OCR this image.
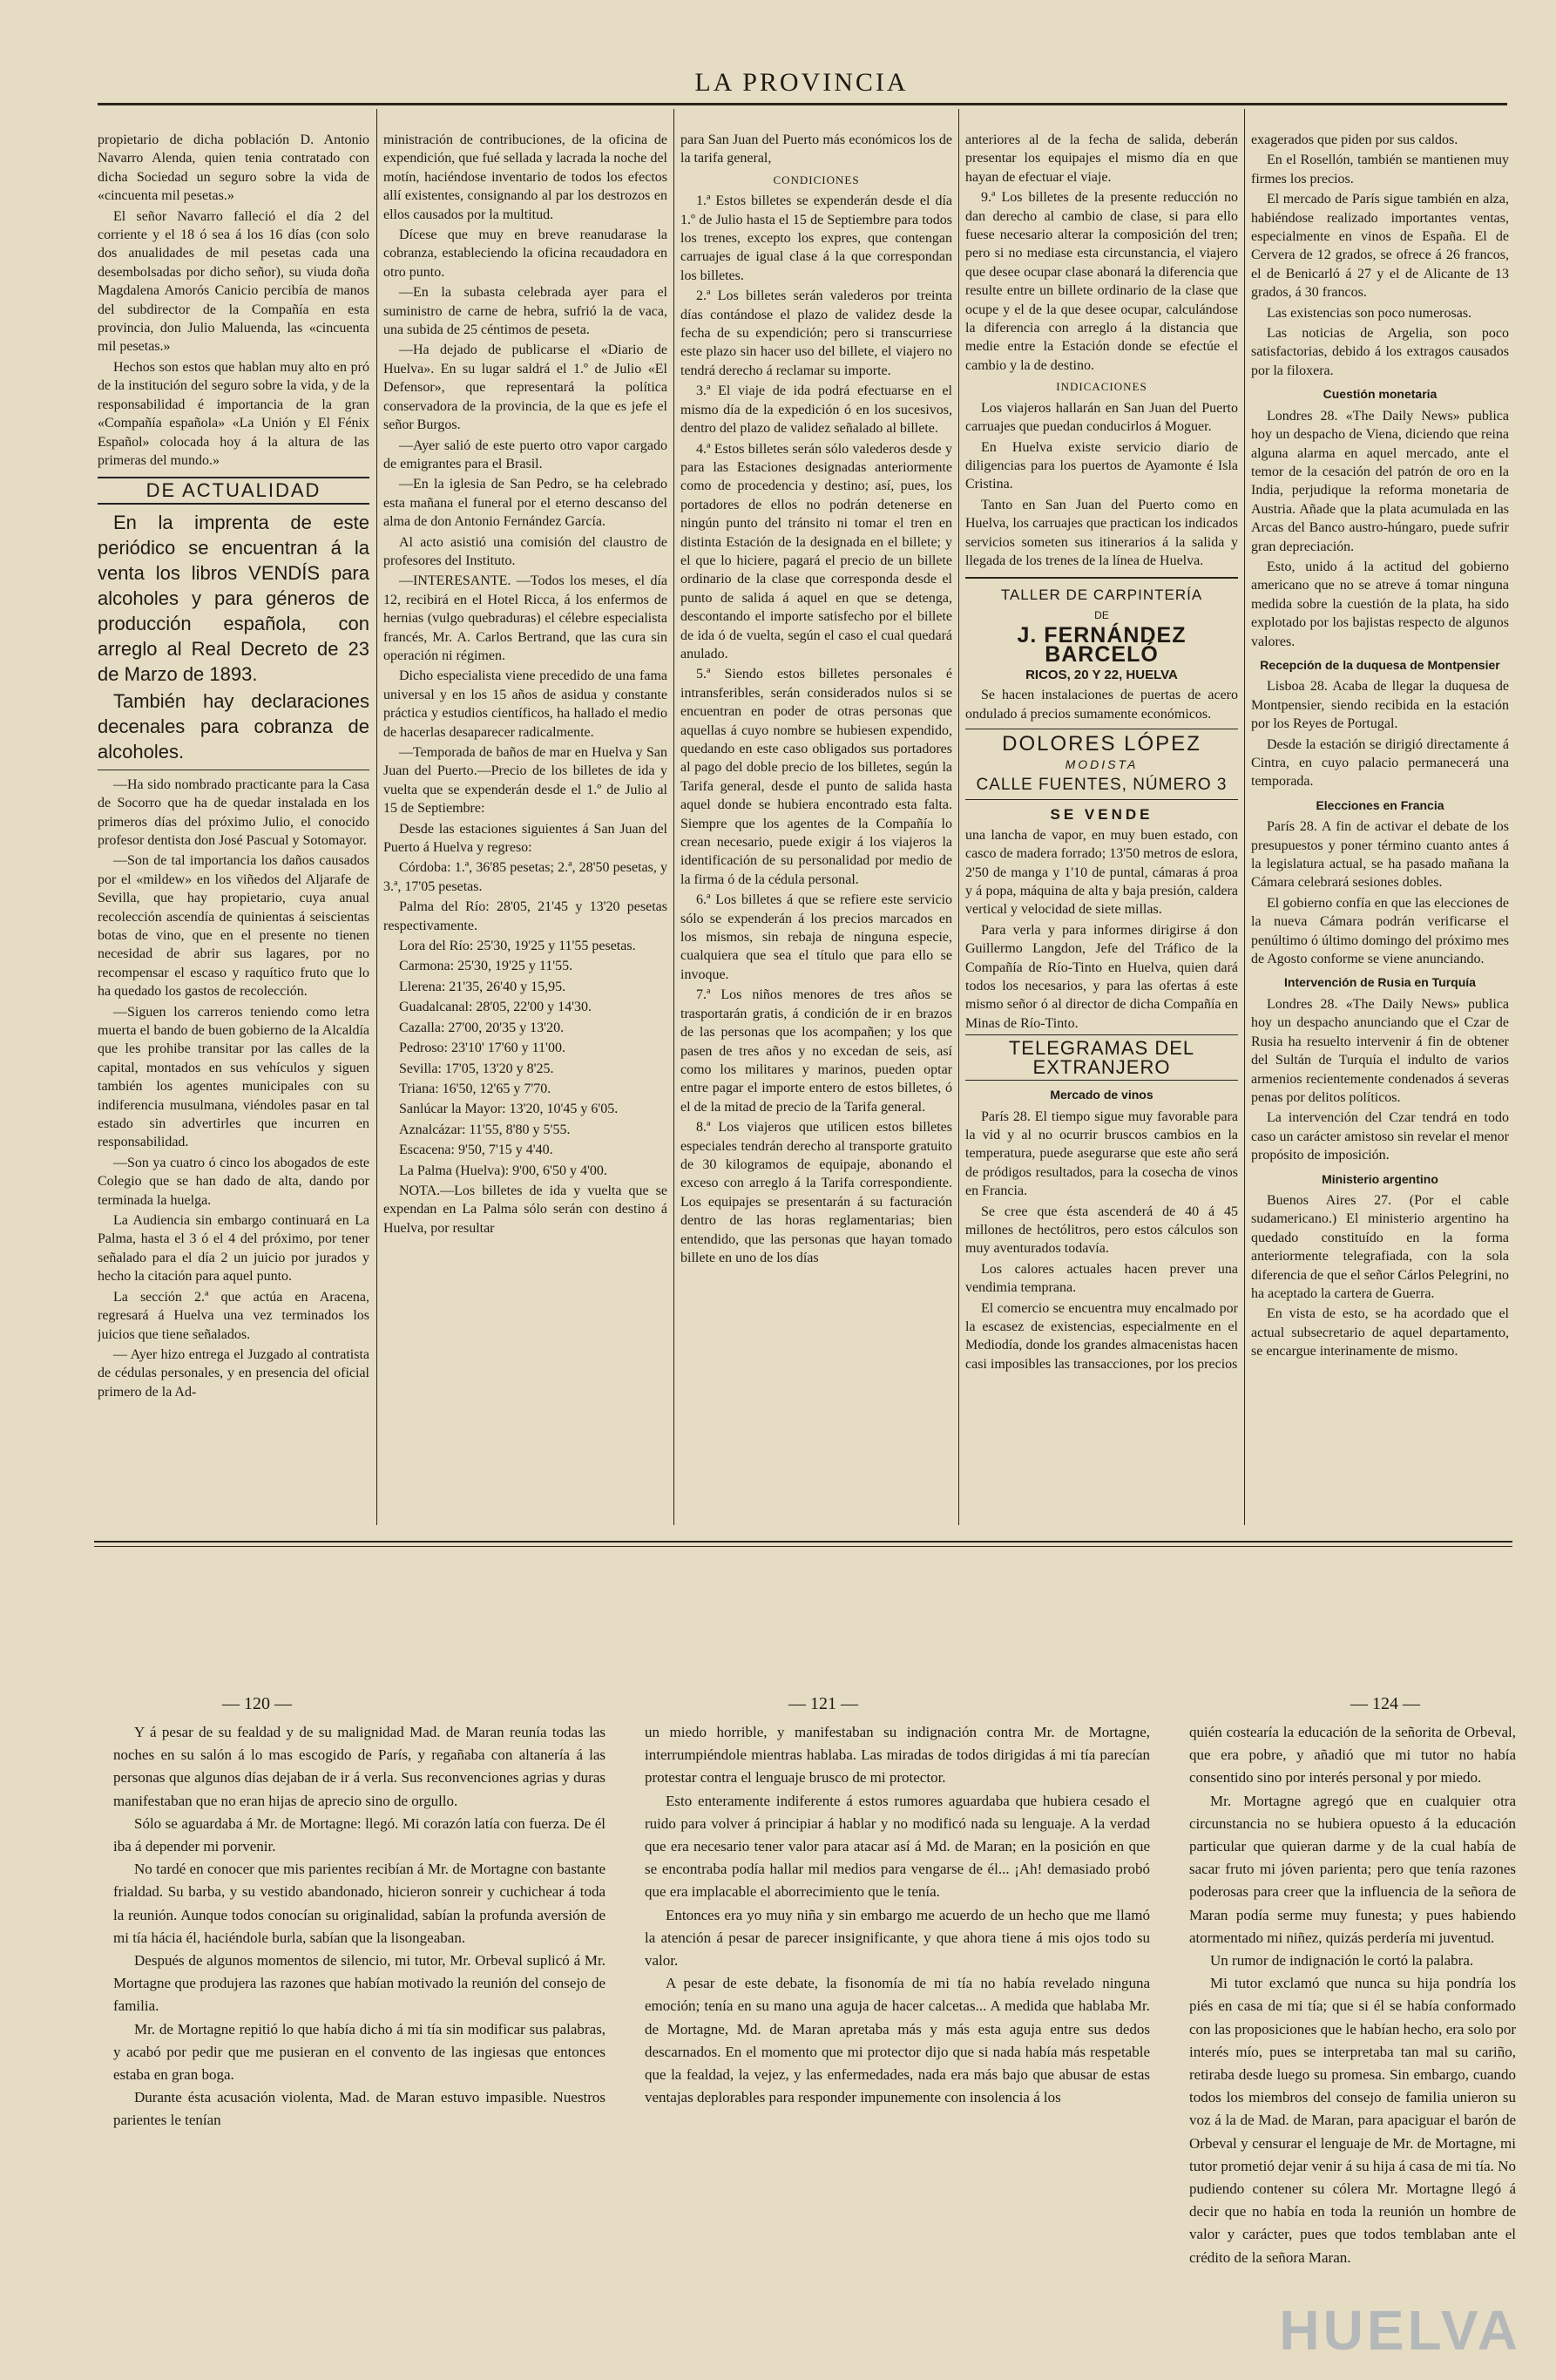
LA PROVINCIA

propietario de dicha población D. Antonio Navarro Alenda, quien tenia contratado con dicha Sociedad un seguro sobre la vida de «cincuenta mil pesetas.»

El señor Navarro falleció el día 2 del corriente y el 18 ó sea á los 16 días (con solo dos anualidades de mil pesetas cada una desembolsadas por dicho señor), su viuda doña Magdalena Amorós Canicio percibía de manos del subdirector de la Compañía en esta provincia, don Julio Maluenda, las «cincuenta mil pesetas.»

Hechos son estos que hablan muy alto en pró de la institución del seguro sobre la vida, y de la responsabilidad é importancia de la gran «Compañía española» «La Unión y El Fénix Español» colocada hoy á la altura de las primeras del mundo.»

DE ACTUALIDAD

En la imprenta de este periódico se encuentran á la venta los libros VENDÍS para alcoholes y para géneros de producción española, con arreglo al Real Decreto de 23 de Marzo de 1893.

También hay declaraciones decenales para cobranza de alcoholes.

—Ha sido nombrado practicante para la Casa de Socorro que ha de quedar instalada en los primeros días del próximo Julio, el conocido profesor dentista don José Pascual y Sotomayor.

—Son de tal importancia los daños causados por el «mildew» en los viñedos del Aljarafe de Sevilla, que hay propietario, cuya anual recolección ascendía de quinientas á seiscientas botas de vino, que en el presente no tienen necesidad de abrir sus lagares, por no recompensar el escaso y raquítico fruto que lo ha quedado los gastos de recolección.

—Siguen los carreros teniendo como letra muerta el bando de buen gobierno de la Alcaldía que les prohibe transitar por las calles de la capital, montados en sus vehículos y siguen también los agentes municipales con su indiferencia musulmana, viéndoles pasar en tal estado sin advertirles que incurren en responsabilidad.

—Son ya cuatro ó cinco los abogados de este Colegio que se han dado de alta, dando por terminada la huelga.

La Audiencia sin embargo continuará en La Palma, hasta el 3 ó el 4 del próximo, por tener señalado para el día 2 un juicio por jurados y hecho la citación para aquel punto.

La sección 2.ª que actúa en Aracena, regresará á Huelva una vez terminados los juicios que tiene señalados.

— Ayer hizo entrega el Juzgado al contratista de cédulas personales, y en presencia del oficial primero de la Ad-

ministración de contribuciones, de la oficina de expendición, que fué sellada y lacrada la noche del motín, haciéndose inventario de todos los efectos allí existentes, consignando al par los destrozos en ellos causados por la multitud.

Dícese que muy en breve reanudarase la cobranza, estableciendo la oficina recaudadora en otro punto.

—En la subasta celebrada ayer para el suministro de carne de hebra, sufrió la de vaca, una subida de 25 céntimos de peseta.

—Ha dejado de publicarse el «Diario de Huelva». En su lugar saldrá el 1.º de Julio «El Defensor», que representará la política conservadora de la provincia, de la que es jefe el señor Burgos.

—Ayer salió de este puerto otro vapor cargado de emigrantes para el Brasil.

—En la iglesia de San Pedro, se ha celebrado esta mañana el funeral por el eterno descanso del alma de don Antonio Fernández García.

Al acto asistió una comisión del claustro de profesores del Instituto.

—INTERESANTE. —Todos los meses, el día 12, recibirá en el Hotel Ricca, á los enfermos de hernias (vulgo quebraduras) el célebre especialista francés, Mr. A. Carlos Bertrand, que las cura sin operación ni régimen.

Dicho especialista viene precedido de una fama universal y en los 15 años de asidua y constante práctica y estudios científicos, ha hallado el medio de hacerlas desaparecer radicalmente.

—Temporada de baños de mar en Huelva y San Juan del Puerto.—Precio de los billetes de ida y vuelta que se expenderán desde el 1.º de Julio al 15 de Septiembre:

Desde las estaciones siguientes á San Juan del Puerto á Huelva y regreso:

Córdoba: 1.ª, 36'85 pesetas; 2.ª, 28'50 pesetas, y 3.ª, 17'05 pesetas.

Palma del Río: 28'05, 21'45 y 13'20 pesetas respectivamente.

Lora del Río: 25'30, 19'25 y 11'55 pesetas.

Carmona: 25'30, 19'25 y 11'55.

Llerena: 21'35, 26'40 y 15,95.

Guadalcanal: 28'05, 22'00 y 14'30.

Cazalla: 27'00, 20'35 y 13'20.

Pedroso: 23'10' 17'60 y 11'00.

Sevilla: 17'05, 13'20 y 8'25.

Triana: 16'50, 12'65 y 7'70.

Sanlúcar la Mayor: 13'20, 10'45 y 6'05.

Aznalcázar: 11'55, 8'80 y 5'55.

Escacena: 9'50, 7'15 y 4'40.

La Palma (Huelva): 9'00, 6'50 y 4'00.

NOTA.—Los billetes de ida y vuelta que se expendan en La Palma sólo serán con destino á Huelva, por resultar

para San Juan del Puerto más económicos los de la tarifa general,

CONDICIONES

1.ª Estos billetes se expenderán desde el día 1.º de Julio hasta el 15 de Septiembre para todos los trenes, excepto los expres, que contengan carruajes de igual clase á la que correspondan los billetes.

2.ª Los billetes serán valederos por treinta días contándose el plazo de validez desde la fecha de su expendición; pero si transcurriese este plazo sin hacer uso del billete, el viajero no tendrá derecho á reclamar su importe.

3.ª El viaje de ida podrá efectuarse en el mismo día de la expedición ó en los sucesivos, dentro del plazo de validez señalado al billete.

4.ª Estos billetes serán sólo valederos desde y para las Estaciones designadas anteriormente como de procedencia y destino; así, pues, los portadores de ellos no podrán detenerse en ningún punto del tránsito ni tomar el tren en distinta Estación de la designada en el billete; y el que lo hiciere, pagará el precio de un billete ordinario de la clase que corresponda desde el punto de salida á aquel en que se detenga, descontando el importe satisfecho por el billete de ida ó de vuelta, según el caso el cual quedará anulado.

5.ª Siendo estos billetes personales é intransferibles, serán considerados nulos si se encuentran en poder de otras personas que aquellas á cuyo nombre se hubiesen expendido, quedando en este caso obligados sus portadores al pago del doble precio de los billetes, según la Tarifa general, desde el punto de salida hasta aquel donde se hubiera encontrado esta falta. Siempre que los agentes de la Compañía lo crean necesario, puede exigir á los viajeros la identificación de su personalidad por medio de la firma ó de la cédula personal.

6.ª Los billetes á que se refiere este servicio sólo se expenderán á los precios marcados en los mismos, sin rebaja de ninguna especie, cualquiera que sea el título que para ello se invoque.

7.ª Los niños menores de tres años se trasportarán gratis, á condición de ir en brazos de las personas que los acompañen; y los que pasen de tres años y no excedan de seis, así como los militares y marinos, pueden optar entre pagar el importe entero de estos billetes, ó el de la mitad de precio de la Tarifa general.

8.ª Los viajeros que utilicen estos billetes especiales tendrán derecho al transporte gratuito de 30 kilogramos de equipaje, abonando el exceso con arreglo á la Tarifa correspondiente. Los equipajes se presentarán á su facturación dentro de las horas reglamentarias; bien entendido, que las personas que hayan tomado billete en uno de los días

anteriores al de la fecha de salida, deberán presentar los equipajes el mismo día en que hayan de efectuar el viaje.

9.ª Los billetes de la presente reducción no dan derecho al cambio de clase, si para ello fuese necesario alterar la composición del tren; pero si no mediase esta circunstancia, el viajero que desee ocupar clase abonará la diferencia que resulte entre un billete ordinario de la clase que ocupe y el de la que desee ocupar, calculándose la diferencia con arreglo á la distancia que medie entre la Estación donde se efectúe el cambio y la de destino.

INDICACIONES

Los viajeros hallarán en San Juan del Puerto carruajes que puedan conducirlos á Moguer.

En Huelva existe servicio diario de diligencias para los puertos de Ayamonte é Isla Cristina.

Tanto en San Juan del Puerto como en Huelva, los carruajes que practican los indicados servicios someten sus itinerarios á la salida y llegada de los trenes de la línea de Huelva.

TALLER DE CARPINTERÍA

DE

J. FERNÁNDEZ BARCELÓ

RICOS, 20 Y 22, HUELVA

Se hacen instalaciones de puertas de acero ondulado á precios sumamente económicos.

DOLORES LÓPEZ

MODISTA

CALLE FUENTES, NÚMERO 3

SE VENDE

una lancha de vapor, en muy buen estado, con casco de madera forrado; 13'50 metros de eslora, 2'50 de manga y 1'10 de puntal, cámaras á proa y á popa, máquina de alta y baja presión, caldera vertical y velocidad de siete millas.

Para verla y para informes dirigirse á don Guillermo Langdon, Jefe del Tráfico de la Compañía de Río-Tinto en Huelva, quien dará todos los necesarios, y para las ofertas á este mismo señor ó al director de dicha Compañía en Minas de Río-Tinto.

TELEGRAMAS DEL EXTRANJERO

Mercado de vinos

París 28. El tiempo sigue muy favorable para la vid y al no ocurrir bruscos cambios en la temperatura, puede asegurarse que este año será de pródigos resultados, para la cosecha de vinos en Francia.

Se cree que ésta ascenderá de 40 á 45 millones de hectólitros, pero estos cálculos son muy aventurados todavía.

Los calores actuales hacen prever una vendimia temprana.

El comercio se encuentra muy encalmado por la escasez de existencias, especialmente en el Mediodía, donde los grandes almacenistas hacen casi imposibles las transacciones, por los precios

exagerados que piden por sus caldos.

En el Rosellón, también se mantienen muy firmes los precios.

El mercado de París sigue también en alza, habiéndose realizado importantes ventas, especialmente en vinos de España. El de Cervera de 12 grados, se ofrece á 26 francos, el de Benicarló á 27 y el de Alicante de 13 grados, á 30 francos.

Las existencias son poco numerosas.

Las noticias de Argelia, son poco satisfactorias, debido á los extragos causados por la filoxera.

Cuestión monetaria

Londres 28. «The Daily News» publica hoy un despacho de Viena, diciendo que reina alguna alarma en aquel mercado, ante el temor de la cesación del patrón de oro en la India, perjudique la reforma monetaria de Austria. Añade que la plata acumulada en las Arcas del Banco austro-húngaro, puede sufrir gran depreciación.

Esto, unido á la actitud del gobierno americano que no se atreve á tomar ninguna medida sobre la cuestión de la plata, ha sido explotado por los bajistas respecto de algunos valores.

Recepción de la duquesa de Montpensier

Lisboa 28. Acaba de llegar la duquesa de Montpensier, siendo recibida en la estación por los Reyes de Portugal.

Desde la estación se dirigió directamente á Cintra, en cuyo palacio permanecerá una temporada.

Elecciones en Francia

París 28. A fin de activar el debate de los presupuestos y poner término cuanto antes á la legislatura actual, se ha pasado mañana la Cámara celebrará sesiones dobles.

El gobierno confía en que las elecciones de la nueva Cámara podrán verificarse el penúltimo ó último domingo del próximo mes de Agosto conforme se viene anunciando.

Intervención de Rusia en Turquía

Londres 28. «The Daily News» publica hoy un despacho anunciando que el Czar de Rusia ha resuelto intervenir á fin de obtener del Sultán de Turquía el indulto de varios armenios recientemente condenados á severas penas por delitos políticos.

La intervención del Czar tendrá en todo caso un carácter amistoso sin revelar el menor propósito de imposición.

Ministerio argentino

Buenos Aires 27. (Por el cable sudamericano.) El ministerio argentino ha quedado constituído en la forma anteriormente telegrafiada, con la sola diferencia de que el señor Cárlos Pelegrini, no ha aceptado la cartera de Guerra.

En vista de esto, se ha acordado que el actual subsecretario de aquel departamento, se encargue interinamente de mismo.

— 120 —	— 121 —	— 124 —

Y á pesar de su fealdad y de su malignidad Mad. de Maran reunía todas las noches en su salón á lo mas escogido de París, y regañaba con altanería á las personas que algunos días dejaban de ir á verla. Sus reconvenciones agrias y duras manifestaban que no eran hijas de aprecio sino de orgullo.

Sólo se aguardaba á Mr. de Mortagne: llegó. Mi corazón latía con fuerza. De él iba á depender mi porvenir.

No tardé en conocer que mis parientes recibían á Mr. de Mortagne con bastante frialdad. Su barba, y su vestido abandonado, hicieron sonreir y cuchichear á toda la reunión. Aunque todos conocían su originalidad, sabían la profunda aversión de mi tía hácia él, haciéndole burla, sabían que la lisongeaban.

Después de algunos momentos de silencio, mi tutor, Mr. Orbeval suplicó á Mr. Mortagne que produjera las razones que habían motivado la reunión del consejo de familia.

Mr. de Mortagne repitió lo que había dicho á mi tía sin modificar sus palabras, y acabó por pedir que me pusieran en el convento de las ingiesas que entonces estaba en gran boga.

Durante ésta acusación violenta, Mad. de Maran estuvo impasible. Nuestros parientes le tenían

un miedo horrible, y manifestaban su indignación contra Mr. de Mortagne, interrumpiéndole mientras hablaba. Las miradas de todos dirigidas á mi tía parecían protestar contra el lenguaje brusco de mi protector.

Esto enteramente indiferente á estos rumores aguardaba que hubiera cesado el ruido para volver á principiar á hablar y no modificó nada su lenguaje. A la verdad que era necesario tener valor para atacar así á Md. de Maran; en la posición en que se encontraba podía hallar mil medios para vengarse de él... ¡Ah! demasiado probó que era implacable el aborrecimiento que le tenía.

Entonces era yo muy niña y sin embargo me acuerdo de un hecho que me llamó la atención á pesar de parecer insignificante, y que ahora tiene á mis ojos todo su valor.

A pesar de este debate, la fisonomía de mi tía no había revelado ninguna emoción; tenía en su mano una aguja de hacer calcetas... A medida que hablaba Mr. de Mortagne, Md. de Maran apretaba más y más esta aguja entre sus dedos descarnados. En el momento que mi protector dijo que si nada había más respetable que la fealdad, la vejez, y las enfermedades, nada era más bajo que abusar de estas ventajas deplorables para responder impunemente con insolencia á los

quién costearía la educación de la señorita de Orbeval, que era pobre, y añadió que mi tutor no había consentido sino por interés personal y por miedo.

Mr. Mortagne agregó que en cualquier otra circunstancia no se hubiera opuesto á la educación particular que quieran darme y de la cual había de sacar fruto mi jóven parienta; pero que tenía razones poderosas para creer que la influencia de la señora de Maran podía serme muy funesta; y pues habiendo atormentado mi niñez, quizás perdería mi juventud.

Un rumor de indignación le cortó la palabra.

Mi tutor exclamó que nunca su hija pondría los piés en casa de mi tía; que si él se había conformado con las proposiciones que le habían hecho, era solo por interés mío, pues se interpretaba tan mal su cariño, retiraba desde luego su promesa. Sin embargo, cuando todos los miembros del consejo de familia unieron su voz á la de Mad. de Maran, para apaciguar el barón de Orbeval y censurar el lenguaje de Mr. de Mortagne, mi tutor prometió dejar venir á su hija á casa de mi tía. No pudiendo contener su cólera Mr. Mortagne llegó á decir que no había en toda la reunión un hombre de valor y carácter, pues que todos temblaban ante el crédito de la señora Maran.

HUELVA
